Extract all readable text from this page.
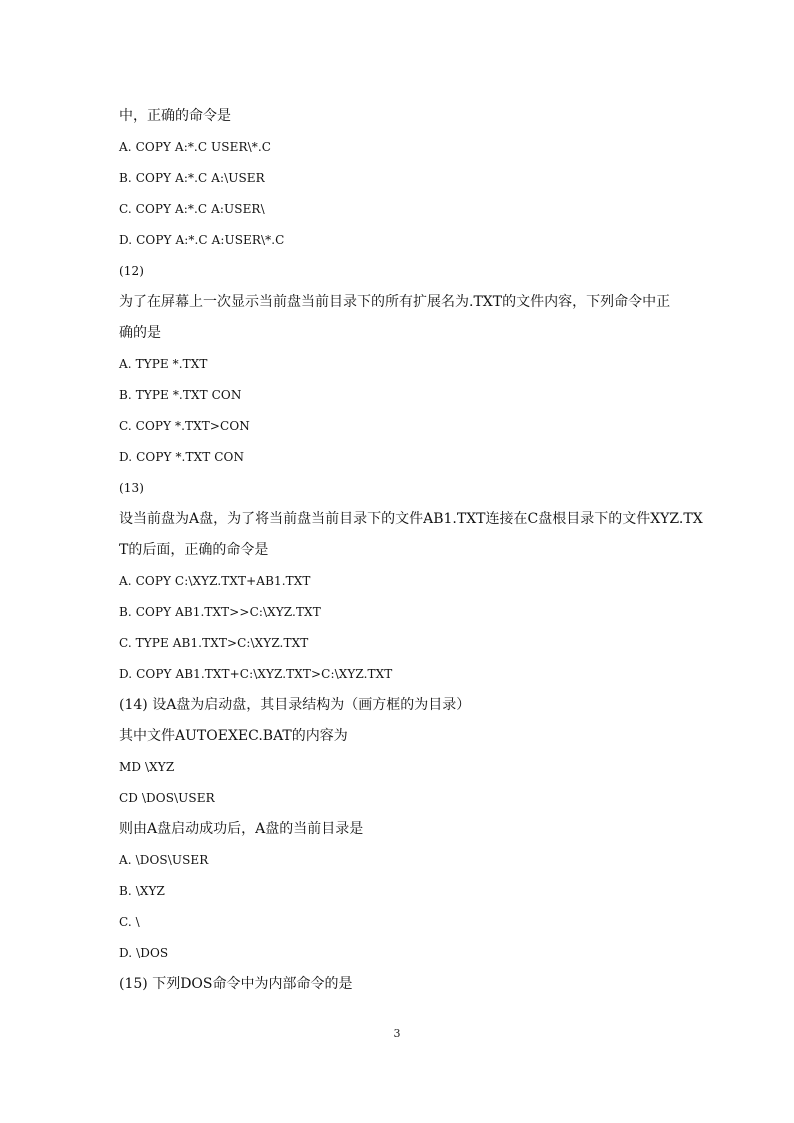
中，正确的命令是
A. COPY A:*.C USER\*.C
B. COPY A:*.C A:\USER
C. COPY A:*.C A:USER\
D. COPY A:*.C A:USER\*.C
(12)
为了在屏幕上一次显示当前盘当前目录下的所有扩展名为.TXT的文件内容，下列命令中正
确的是
A. TYPE *.TXT
B. TYPE *.TXT CON
C. COPY *.TXT>CON
D. COPY *.TXT CON
(13)
设当前盘为A盘，为了将当前盘当前目录下的文件AB1.TXT连接在C盘根目录下的文件XYZ.TX
T的后面，正确的命令是
A. COPY C:\XYZ.TXT+AB1.TXT
B. COPY AB1.TXT>>C:\XYZ.TXT
C. TYPE AB1.TXT>C:\XYZ.TXT
D. COPY AB1.TXT+C:\XYZ.TXT>C:\XYZ.TXT
(14) 设A盘为启动盘，其目录结构为（画方框的为目录）
其中文件AUTOEXEC.BAT的内容为
MD \XYZ
CD \DOS\USER
则由A盘启动成功后，A盘的当前目录是
A. \DOS\USER
B. \XYZ
C. \
D. \DOS
(15) 下列DOS命令中为内部命令的是
3
